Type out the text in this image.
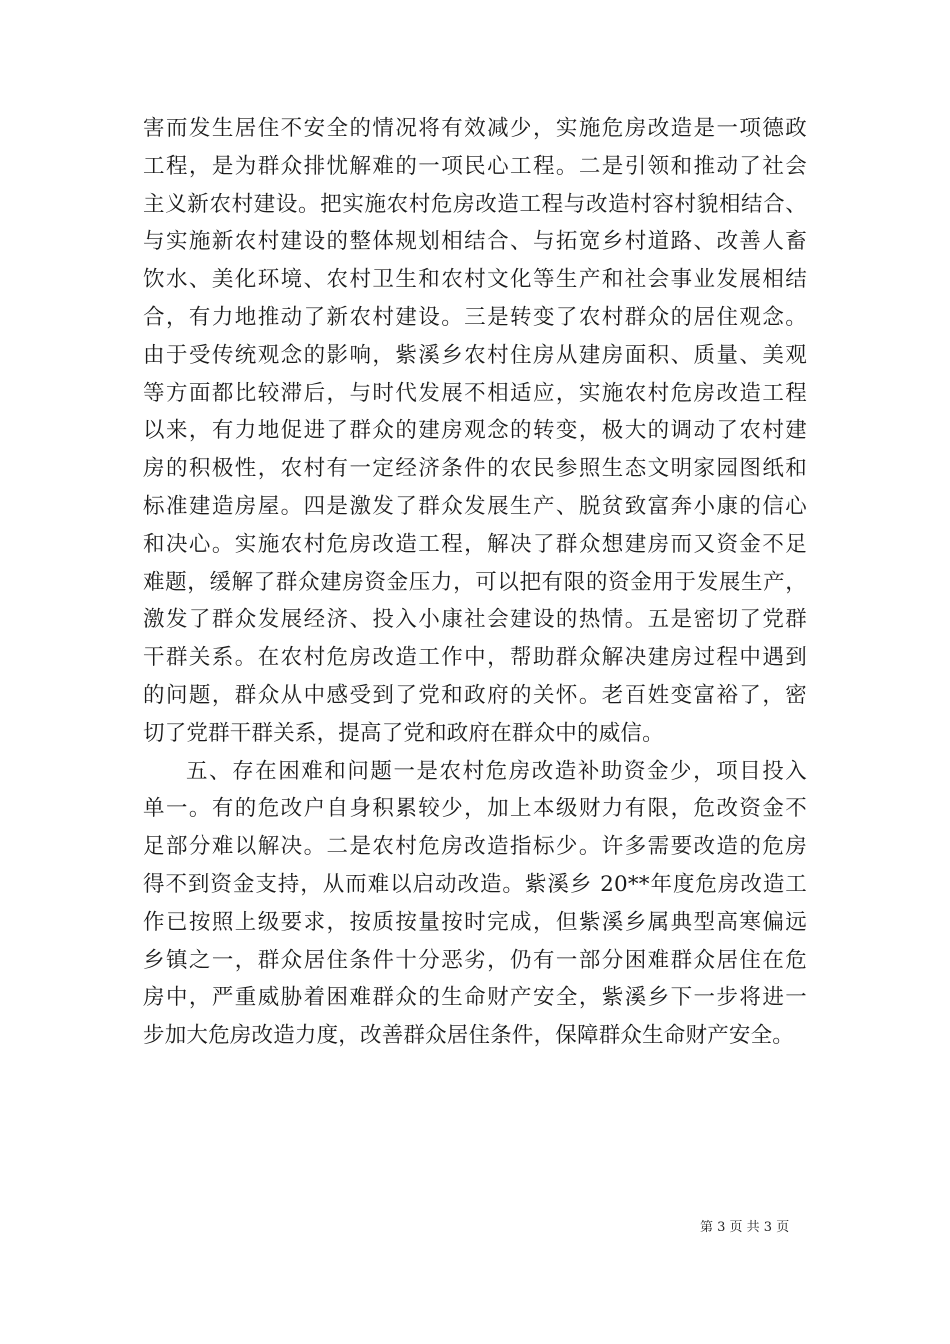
害而发生居住不安全的情况将有效减少，实施危房改造是一项德政
工程，是为群众排忧解难的一项民心工程。二是引领和推动了社会
主义新农村建设。把实施农村危房改造工程与改造村容村貌相结合、
与实施新农村建设的整体规划相结合、与拓宽乡村道路、改善人畜
饮水、美化环境、农村卫生和农村文化等生产和社会事业发展相结
合，有力地推动了新农村建设。三是转变了农村群众的居住观念。
由于受传统观念的影响，紫溪乡农村住房从建房面积、质量、美观
等方面都比较滞后，与时代发展不相适应，实施农村危房改造工程
以来，有力地促进了群众的建房观念的转变，极大的调动了农村建
房的积极性，农村有一定经济条件的农民参照生态文明家园图纸和
标准建造房屋。四是激发了群众发展生产、脱贫致富奔小康的信心
和决心。实施农村危房改造工程，解决了群众想建房而又资金不足
难题，缓解了群众建房资金压力，可以把有限的资金用于发展生产，
激发了群众发展经济、投入小康社会建设的热情。五是密切了党群
干群关系。在农村危房改造工作中，帮助群众解决建房过程中遇到
的问题，群众从中感受到了党和政府的关怀。老百姓变富裕了，密
切了党群干群关系，提高了党和政府在群众中的威信。
五、存在困难和问题一是农村危房改造补助资金少，项目投入
单一。有的危改户自身积累较少，加上本级财力有限，危改资金不
足部分难以解决。二是农村危房改造指标少。许多需要改造的危房
得不到资金支持，从而难以启动改造。紫溪乡 20**年度危房改造工
作已按照上级要求，按质按量按时完成，但紫溪乡属典型高寒偏远
乡镇之一，群众居住条件十分恶劣，仍有一部分困难群众居住在危
房中，严重威胁着困难群众的生命财产安全，紫溪乡下一步将进一
步加大危房改造力度，改善群众居住条件，保障群众生命财产安全。
第 3 页 共 3 页
